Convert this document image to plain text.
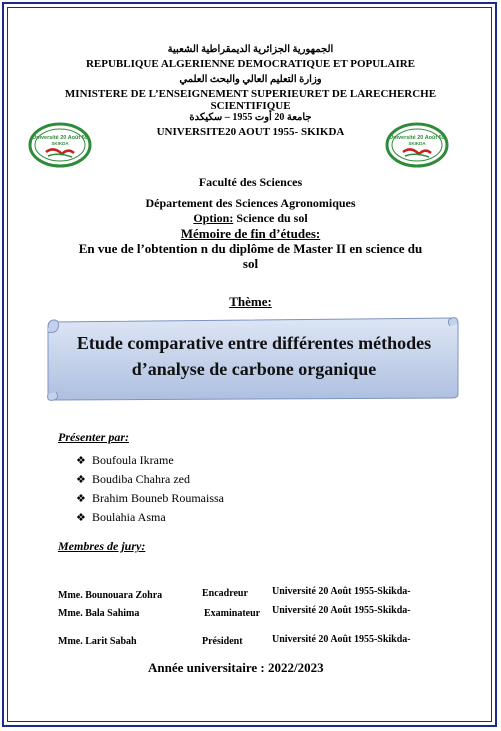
Université 20 Août 55
SKIKDA
Université 20 Août 55
SKIKDA
الجمهورية الجزائرية الديمقراطية الشعبية
REPUBLIQUE ALGERIENNE DEMOCRATIQUE ET POPULAIRE
وزارة التعليم العالي والبحث العلمي
MINISTERE DE L’ENSEIGNEMENT SUPERIEURET DE LARECHERCHE
SCIENTIFIQUE
جامعة 20 أوت 1955 – سكيكدة
UNIVERSITE20 AOUT 1955- SKIKDA
Faculté des Sciences
Département des Sciences Agronomiques
Option: Science du sol
Mémoire de fin d’études:
En vue de l’obtention n du diplôme de Master II en science du
sol
Thème:
Etude comparative entre différentes méthodes
d’analyse de carbone organique
Présenter par:
❖ Boufoula Ikrame
❖ Boudiba Chahra zed
❖ Brahim Bouneb Roumaissa
❖ Boulahia Asma
Membres de jury:
Mme. Bounouara Zohra	Encadreur Université 20 Août 1955-Skikda-
Mme. Bala Sahima	Examinateur Université 20 Août 1955-Skikda-
Mme. Larit Sabah	Président	Université 20 Août 1955-Skikda-
Année universitaire : 2022/2023
